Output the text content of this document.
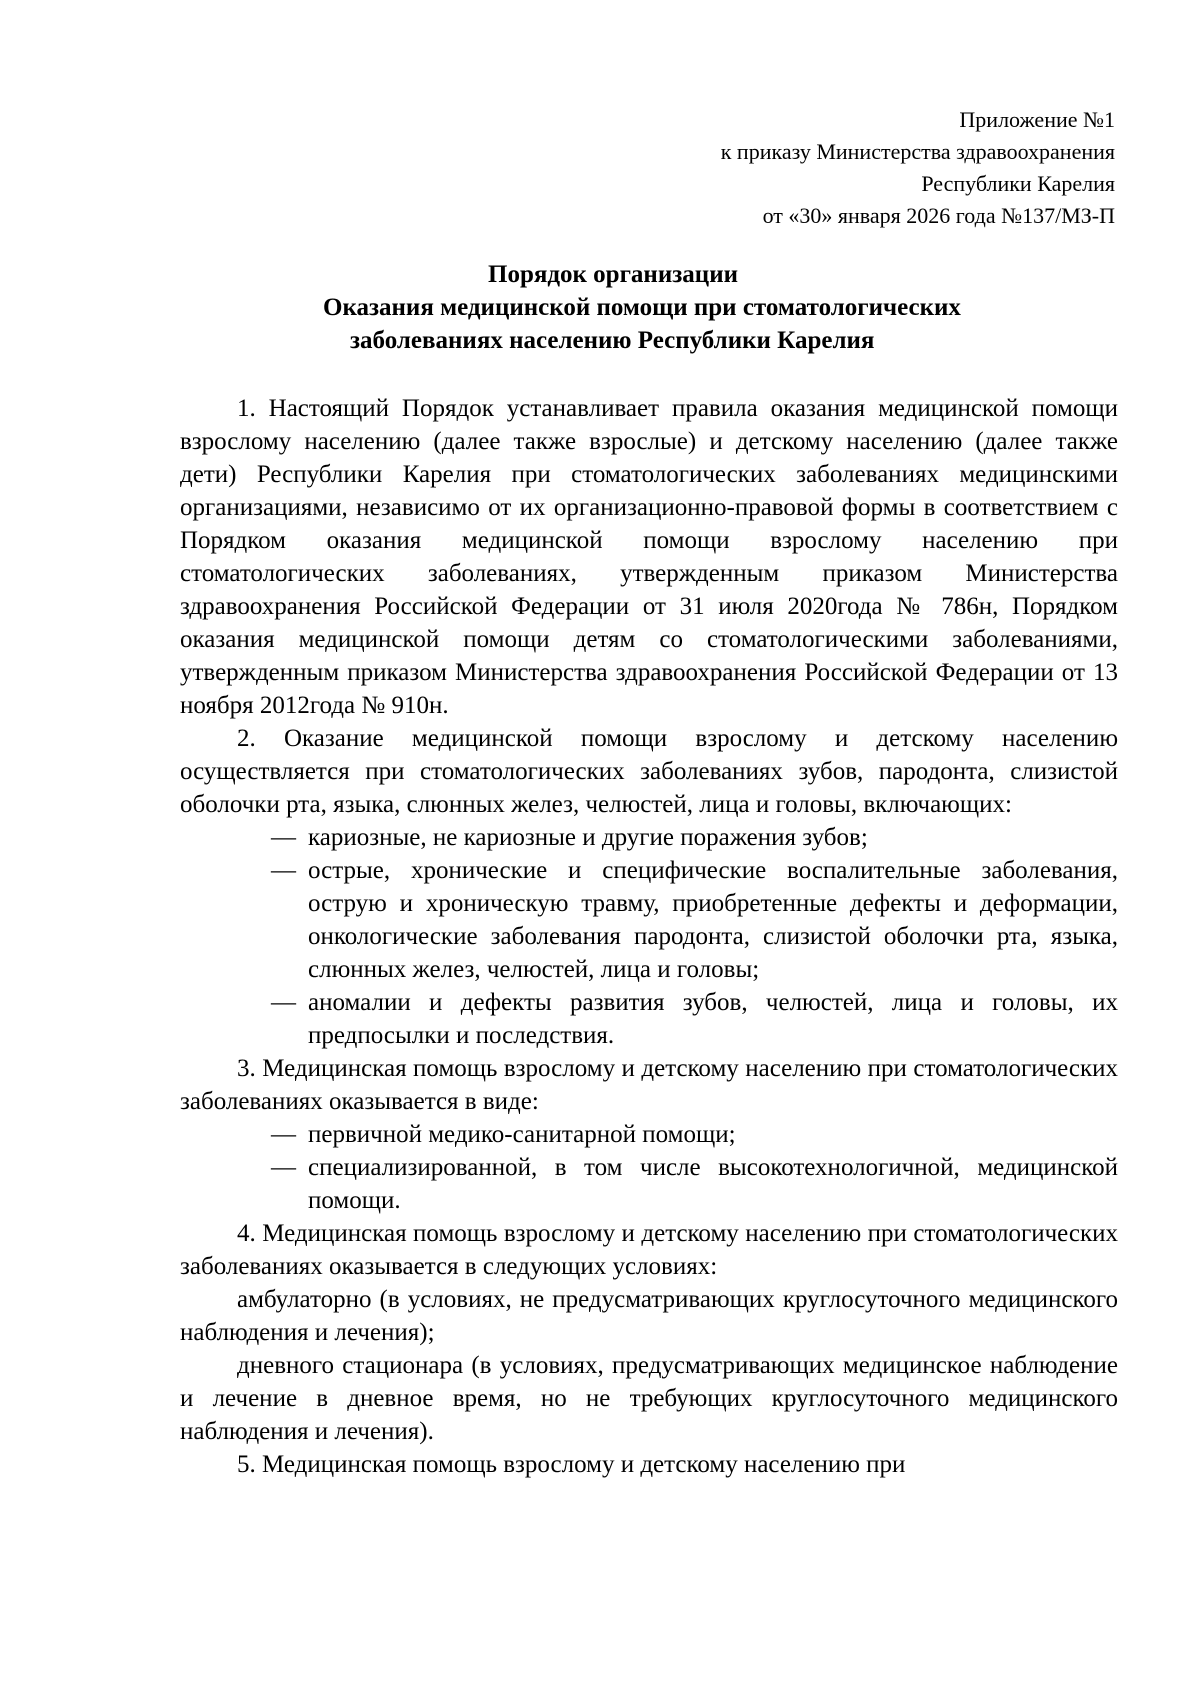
Приложение №1
к приказу Министерства здравоохранения
Республики Карелия
от «30» января 2026 года №137/МЗ-П
Порядок организации
Оказания медицинской помощи при стоматологических
заболеваниях населению Республики Карелия

1. Настоящий Порядок устанавливает правила оказания медицинской помощи взрослому населению (далее также взрослые) и детскому населению (далее также дети) Республики Карелия при стоматологических заболеваниях медицинскими организациями, независимо от их организационно-правовой формы в соответствием с Порядком оказания медицинской помощи взрослому населению при стоматологических заболеваниях, утвержденным приказом Министерства здравоохранения Российской Федерации от 31 июля 2020года № 786н, Порядком оказания медицинской помощи детям со стоматологическими заболеваниями, утвержденным приказом Министерства здравоохранения Российской Федерации от 13 ноября 2012года № 910н.

2. Оказание медицинской помощи взрослому и детскому населению осуществляется при стоматологических заболеваниях зубов, пародонта, слизистой оболочки рта, языка, слюнных желез, челюстей, лица и головы, включающих:

— кариозные, не кариозные и другие поражения зубов;
— острые, хронические и специфические воспалительные заболевания, острую и хроническую травму, приобретенные дефекты и деформации, онкологические заболевания пародонта, слизистой оболочки рта, языка, слюнных желез, челюстей, лица и головы;
— аномалии и дефекты развития зубов, челюстей, лица и головы, их предпосылки и последствия.

3. Медицинская помощь взрослому и детскому населению при стоматологических заболеваниях оказывается в виде:

— первичной медико-санитарной помощи;
— специализированной, в том числе высокотехнологичной, медицинской помощи.

4. Медицинская помощь взрослому и детскому населению при стоматологических заболеваниях оказывается в следующих условиях:

амбулаторно (в условиях, не предусматривающих круглосуточного медицинского наблюдения и лечения);

дневного стационара (в условиях, предусматривающих медицинское наблюдение и лечение в дневное время, но не требующих круглосуточного медицинского наблюдения и лечения).

5. Медицинская помощь взрослому и детскому населению при
